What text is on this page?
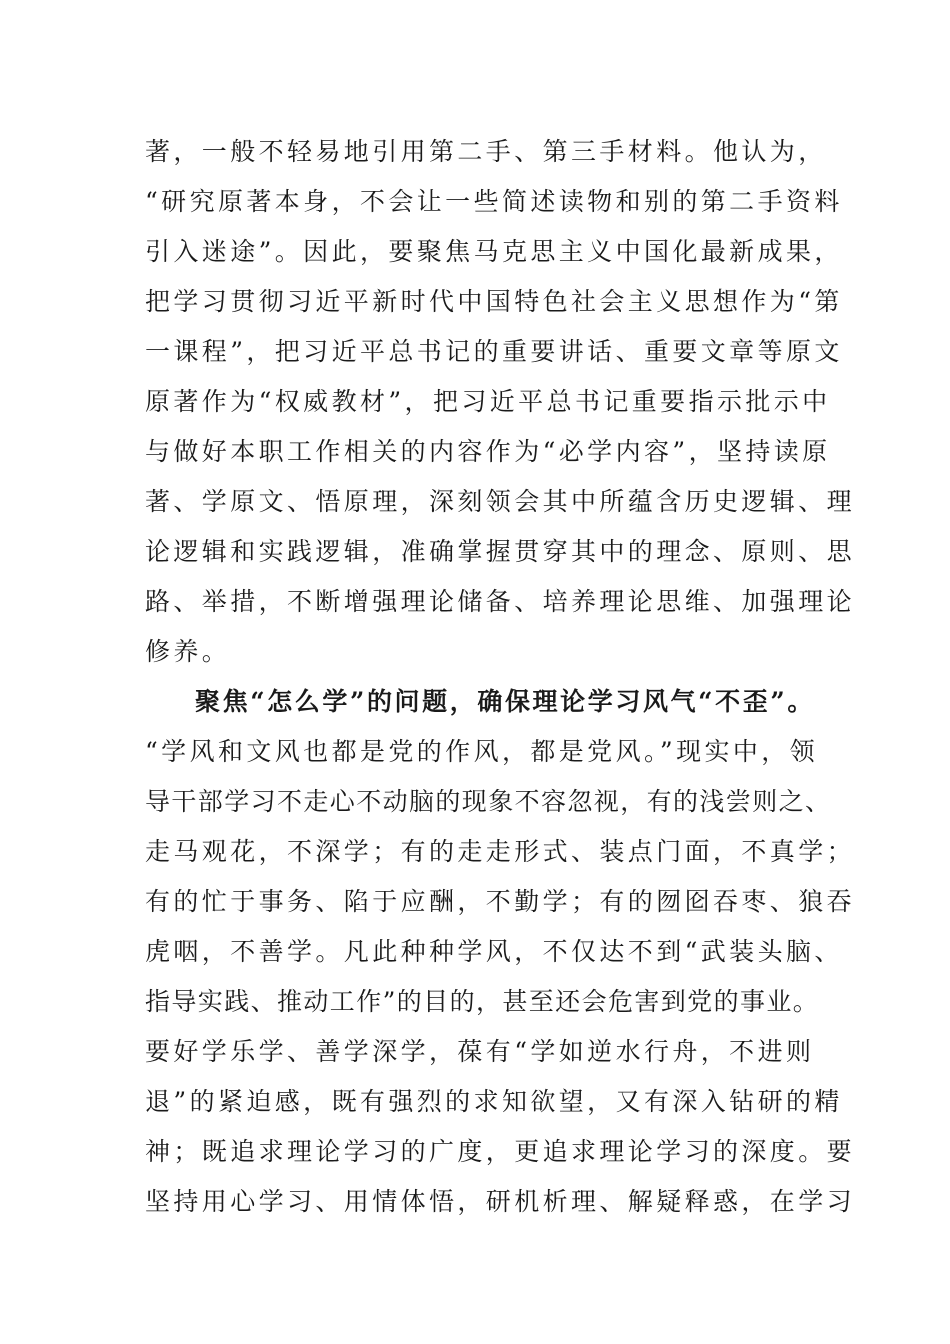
著，一般不轻易地引用第二手、第三手材料。他认为，
“研究原著本身，不会让一些简述读物和别的第二手资料
引入迷途”。因此，要聚焦马克思主义中国化最新成果，
把学习贯彻习近平新时代中国特色社会主义思想作为“第
一课程”，把习近平总书记的重要讲话、重要文章等原文
原著作为“权威教材”，把习近平总书记重要指示批示中
与做好本职工作相关的内容作为“必学内容”，坚持读原
著、学原文、悟原理，深刻领会其中所蕴含历史逻辑、理
论逻辑和实践逻辑，准确掌握贯穿其中的理念、原则、思
路、举措，不断增强理论储备、培养理论思维、加强理论
修养。
聚焦“怎么学”的问题，确保理论学习风气“不歪”。
“学风和文风也都是党的作风，都是党风。”现实中，领
导干部学习不走心不动脑的现象不容忽视，有的浅尝则之、
走马观花，不深学；有的走走形式、装点门面，不真学；
有的忙于事务、陷于应酬，不勤学；有的囫囵吞枣、狼吞
虎咽，不善学。凡此种种学风，不仅达不到“武装头脑、
指导实践、推动工作”的目的，甚至还会危害到党的事业。
要好学乐学、善学深学，葆有“学如逆水行舟，不进则
退”的紧迫感，既有强烈的求知欲望，又有深入钻研的精
神；既追求理论学习的广度，更追求理论学习的深度。要
坚持用心学习、用情体悟，研机析理、解疑释惑，在学习
